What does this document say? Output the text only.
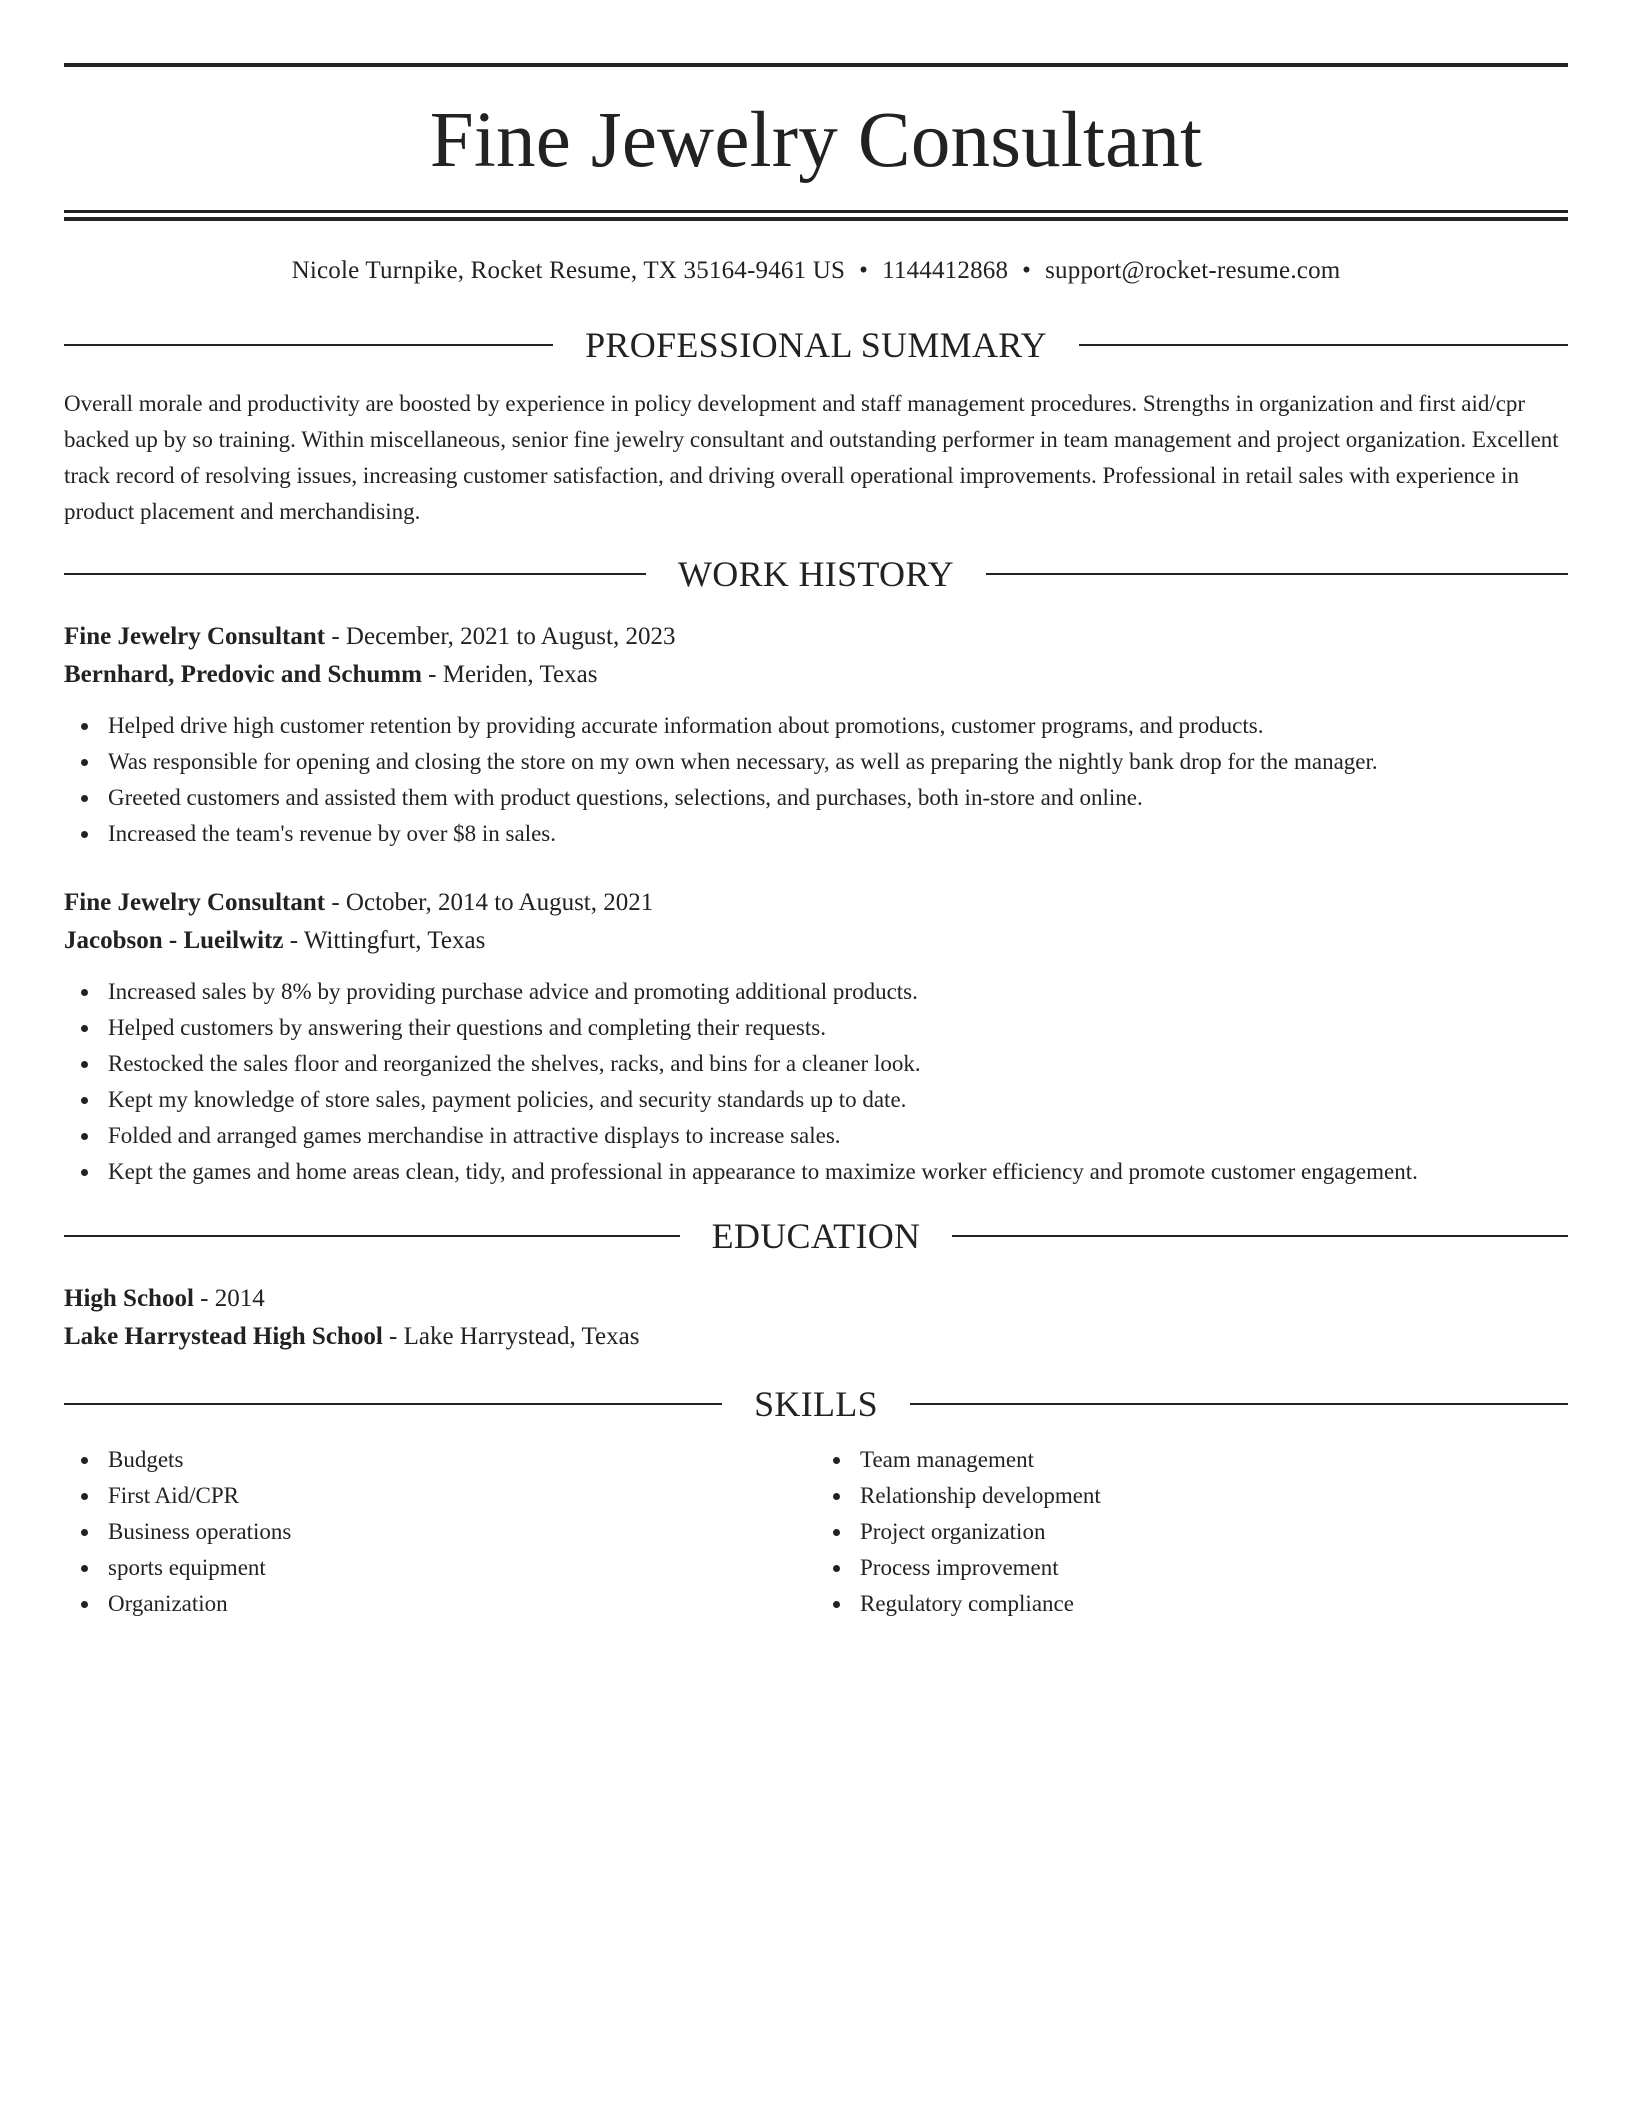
Fine Jewelry Consultant
Nicole Turnpike, Rocket Resume, TX 35164-9461 US • 1144412868 • support@rocket-resume.com
PROFESSIONAL SUMMARY

Overall morale and productivity are boosted by experience in policy development and staff management procedures. Strengths in organization and first aid/cpr backed up by so training. Within miscellaneous, senior fine jewelry consultant and outstanding performer in team management and project organization. Excellent track record of resolving issues, increasing customer satisfaction, and driving overall operational improvements. Professional in retail sales with experience in product placement and merchandising.

WORK HISTORY
Fine Jewelry Consultant - December, 2021 to August, 2023
Bernhard, Predovic and Schumm - Meriden, Texas
Helped drive high customer retention by providing accurate information about promotions, customer programs, and products.
Was responsible for opening and closing the store on my own when necessary, as well as preparing the nightly bank drop for the manager.
Greeted customers and assisted them with product questions, selections, and purchases, both in-store and online.
Increased the team's revenue by over $8 in sales.
Fine Jewelry Consultant - October, 2014 to August, 2021
Jacobson - Lueilwitz - Wittingfurt, Texas
Increased sales by 8% by providing purchase advice and promoting additional products.
Helped customers by answering their questions and completing their requests.
Restocked the sales floor and reorganized the shelves, racks, and bins for a cleaner look.
Kept my knowledge of store sales, payment policies, and security standards up to date.
Folded and arranged games merchandise in attractive displays to increase sales.
Kept the games and home areas clean, tidy, and professional in appearance to maximize worker efficiency and promote customer engagement.
EDUCATION
High School - 2014
Lake Harrystead High School - Lake Harrystead, Texas
SKILLS
Budgets
First Aid/CPR
Business operations
sports equipment
Organization
Team management
Relationship development
Project organization
Process improvement
Regulatory compliance
